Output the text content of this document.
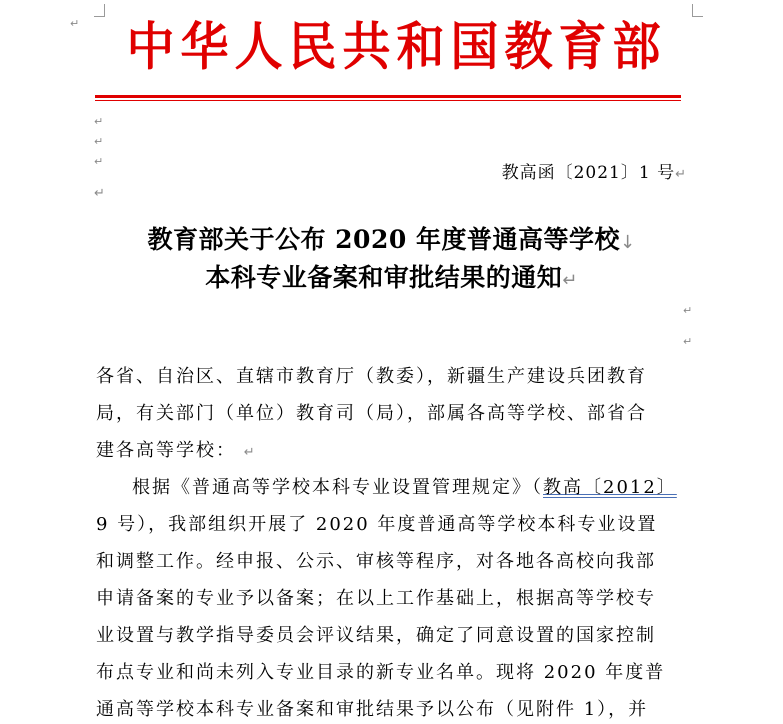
中华人民共和国教育部
↵
↵
↵
↵
↵
教高函〔2021〕1 号↵
教育部关于公布 2020 年度普通高等学校↓
本科专业备案和审批结果的通知↵
↵
↵
各省、自治区、直辖市教育厅（教委），新疆生产建设兵团教育
局，有关部门（单位）教育司（局），部属各高等学校、部省合
建各高等学校： ↵
根据《普通高等学校本科专业设置管理规定》（教高〔2012〕
9 号），我部组织开展了 2020 年度普通高等学校本科专业设置
和调整工作。经申报、公示、审核等程序，对各地各高校向我部
申请备案的专业予以备案；在以上工作基础上，根据高等学校专
业设置与教学指导委员会评议结果，确定了同意设置的国家控制
布点专业和尚未列入专业目录的新专业名单。现将 2020 年度普
通高等学校本科专业备案和审批结果予以公布（见附件 1），并
